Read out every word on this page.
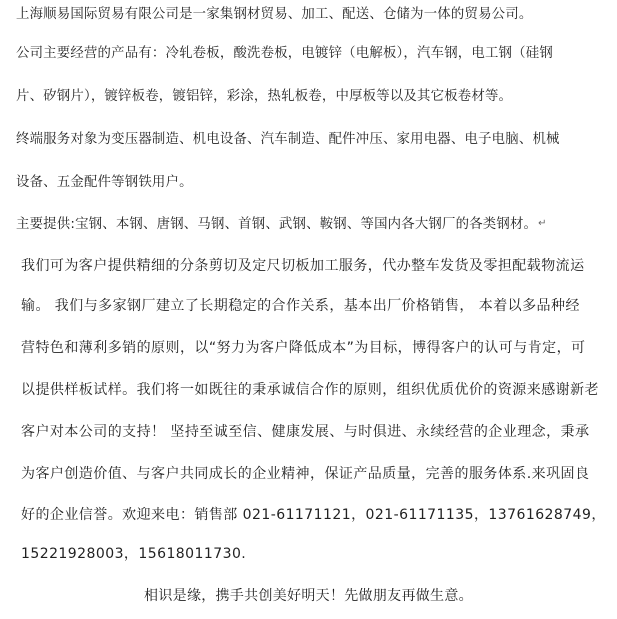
上海顺易国际贸易有限公司是一家集钢材贸易、加工、配送、仓储为一体的贸易公司。
公司主要经营的产品有：冷轧卷板，酸洗卷板，电镀锌（电解板），汽车钢，电工钢（硅钢
片、矽钢片），镀锌板卷，镀铝锌，彩涂，热轧板卷，中厚板等以及其它板卷材等。
终端服务对象为变压器制造、机电设备、汽车制造、配件冲压、家用电器、电子电脑、机械
设备、五金配件等钢铁用户。
主要提供:宝钢、本钢、唐钢、马钢、首钢、武钢、鞍钢、等国内各大钢厂的各类钢材。↵
我们可为客户提供精细的分条剪切及定尺切板加工服务，代办整车发货及零担配载物流运
输。 我们与多家钢厂建立了长期稳定的合作关系，基本出厂价格销售， 本着以多品种经
营特色和薄利多销的原则，以“努力为客户降低成本”为目标，博得客户的认可与肯定，可
以提供样板试样。我们将一如既往的秉承诚信合作的原则，组织优质优价的资源来感谢新老
客户对本公司的支持！ 坚持至诚至信、健康发展、与时俱进、永续经营的企业理念，秉承
为客户创造价值、与客户共同成长的企业精神，保证产品质量，完善的服务体系.来巩固良
好的企业信誉。欢迎来电：销售部 021-61171121，021-61171135，13761628749，
15221928003，15618011730.
相识是缘，携手共创美好明天！先做朋友再做生意。
